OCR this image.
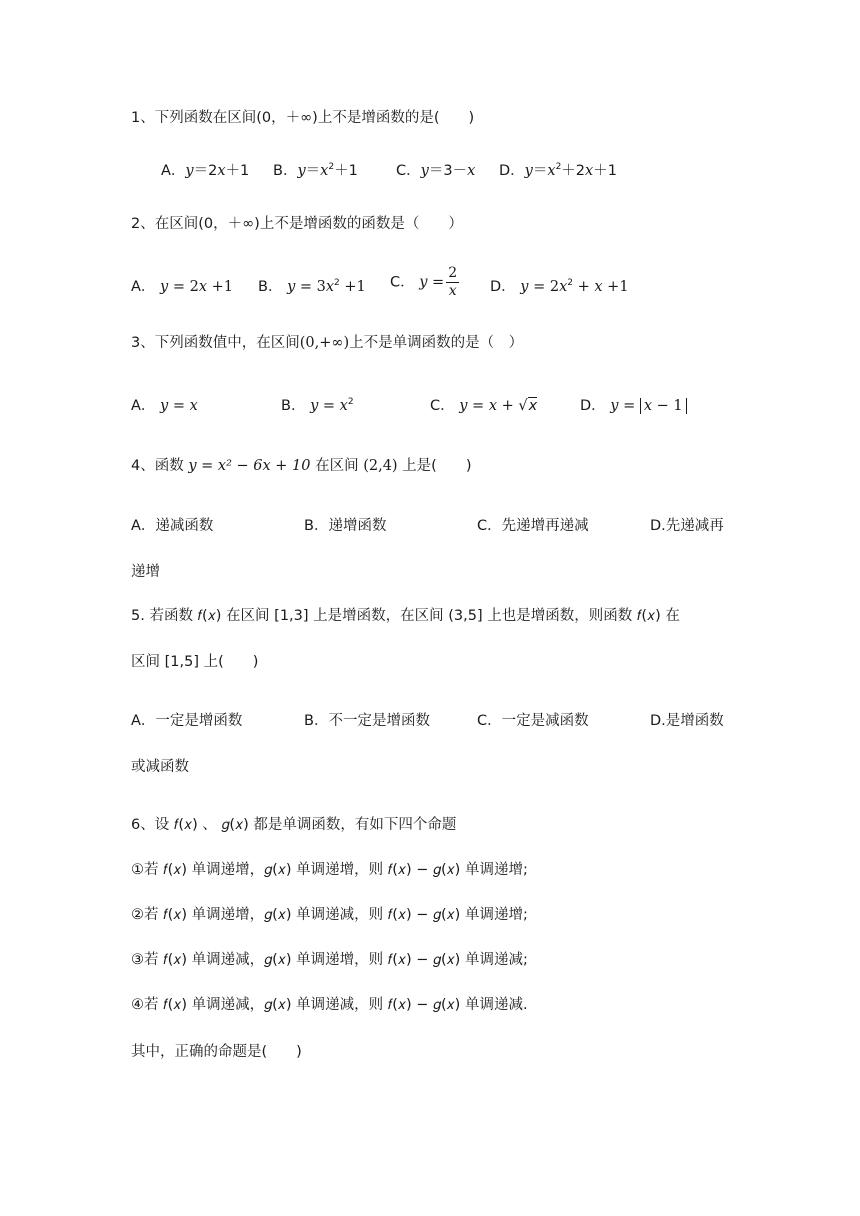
1、下列函数在区间(0，＋∞)上不是增函数的是(　　)
A．y＝2x＋1 B．$y=x^2+1$	C．y＝3－x D．$y=x^2+2x+1$
2、在区间(0，＋∞)上不是增函数的函数是（　　）
A． y = 2x +1 B． $y = 3x^2 +1$ C． $y = \frac{2}{x}$ D． $y = 2x^2 + x +1$
3、下列函数值中，在区间(0,+∞)上不是单调函数的是（　）
A． y = x	B． $y = x^2$	C． y = x + √x	D． y = x − 1
4、函数 y = x² − 6x + 10 在区间 (2,4) 上是(　　)
A．递减函数	B．递增函数	C．先递增再递减	D.先递减再
递增
5. 若函数 𝑓(𝑥) 在区间 [1,3] 上是增函数，在区间 (3,5] 上也是增函数，则函数 𝑓(𝑥) 在
区间 [1,5] 上(　　)
A．一定是增函数	B．不一定是增函数	C．一定是减函数	D.是增函数
或减函数
6、设 𝑓(𝑥) 、 𝑔(𝑥) 都是单调函数，有如下四个命题
①若 𝑓(𝑥) 单调递增，𝑔(𝑥) 单调递增，则 𝑓(𝑥) − 𝑔(𝑥) 单调递增;
②若 𝑓(𝑥) 单调递增，𝑔(𝑥) 单调递减，则 𝑓(𝑥) − 𝑔(𝑥) 单调递增;
③若 𝑓(𝑥) 单调递减，𝑔(𝑥) 单调递增，则 𝑓(𝑥) − 𝑔(𝑥) 单调递减;
④若 𝑓(𝑥) 单调递减，𝑔(𝑥) 单调递减，则 𝑓(𝑥) − 𝑔(𝑥) 单调递减.
其中，正确的命题是(　　)
